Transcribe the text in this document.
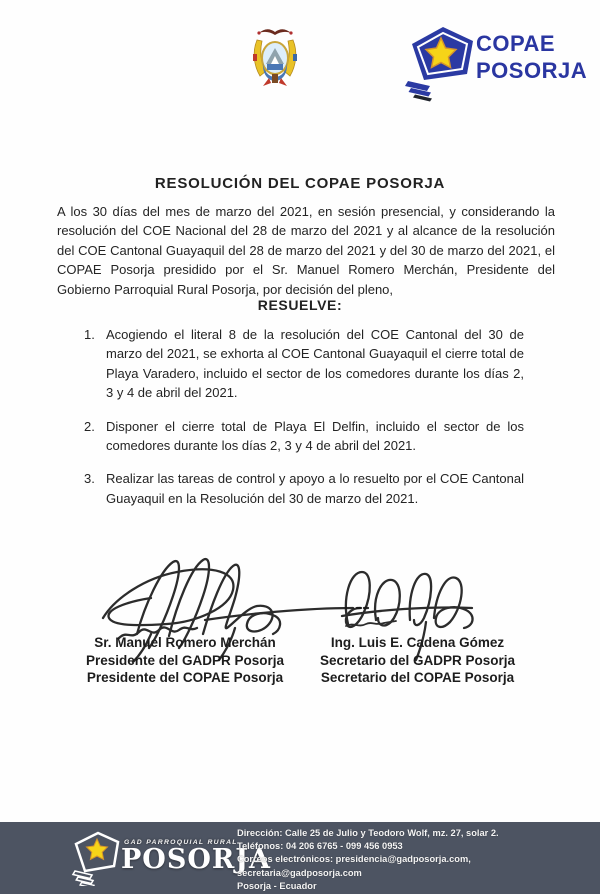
COPAE
POSORJA
RESOLUCIÓN DEL COPAE POSORJA

A los 30 días del mes de marzo del 2021, en sesión presencial, y considerando la resolución del COE Nacional del 28 de marzo del 2021 y al alcance de la resolución del COE Cantonal Guayaquil del 28 de marzo del 2021 y del 30 de marzo del 2021, el COPAE Posorja presidido por el Sr. Manuel Romero Merchán, Presidente del Gobierno Parroquial Rural Posorja, por decisión del pleno,

RESUELVE:
1. Acogiendo el literal 8 de la resolución del COE Cantonal del 30 de marzo del 2021, se exhorta al COE Cantonal Guayaquil el cierre total de Playa Varadero, incluido el sector de los comedores durante los días 2, 3 y 4 de abril del 2021.
2. Disponer el cierre total de Playa El Delfin, incluido el sector de los comedores durante los días 2, 3 y 4 de abril del 2021.
3. Realizar las tareas de control y apoyo a lo resuelto por el COE Cantonal Guayaquil en la Resolución del 30 de marzo del 2021.
Sr. Manuel Romero Merchán
Presidente del GADPR Posorja
Presidente del COPAE Posorja
Ing. Luis E. Cadena Gómez
Secretario del GADPR Posorja
Secretario del COPAE Posorja
GAD PARROQUIAL RURAL
POSORJA
Dirección: Calle 25 de Julio y Teodoro Wolf, mz. 27, solar 2.
Teléfonos: 04 206 6765 - 099 456 0953
Correos electrónicos: presidencia@gadposorja.com,
secretaria@gadposorja.com
Posorja - Ecuador
